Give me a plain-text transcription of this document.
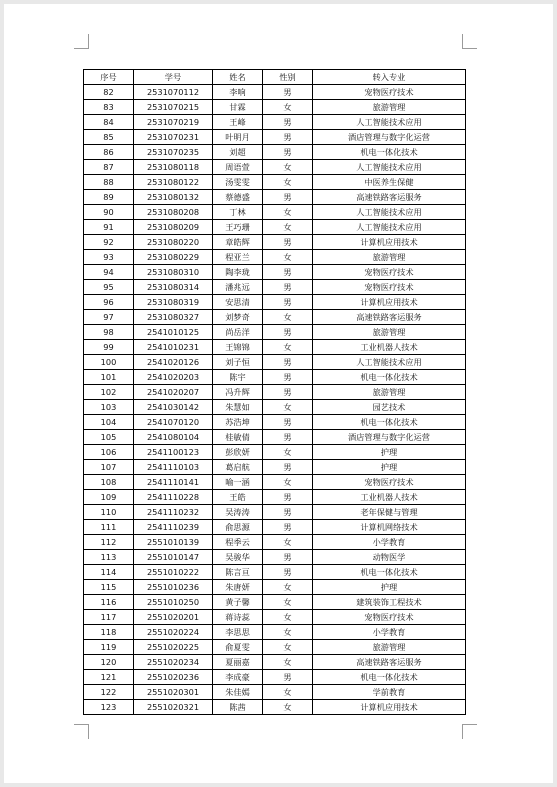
序号	学号	姓名	性别	转入专业
82	2531070112	李响	男	宠物医疗技术
83	2531070215	甘霖	女	旅游管理
84	2531070219	王峰	男	人工智能技术应用
85	2531070231	叶明月	男	酒店管理与数字化运营
86	2531070235	刘超	男	机电一体化技术
87	2531080118	周语萱	女	人工智能技术应用
88	2531080122	汤雯雯	女	中医养生保健
89	2531080132	蔡德盛	男	高速铁路客运服务
90	2531080208	丁林	女	人工智能技术应用
91	2531080209	王巧珊	女	人工智能技术应用
92	2531080220	章皓辉	男	计算机应用技术
93	2531080229	程亚兰	女	旅游管理
94	2531080310	陶李珑	男	宠物医疗技术
95	2531080314	潘兆远	男	宠物医疗技术
96	2531080319	安思清	男	计算机应用技术
97	2531080327	刘梦奇	女	高速铁路客运服务
98	2541010125	尚岳洋	男	旅游管理
99	2541010231	王锦锦	女	工业机器人技术
100	2541020126	刘子恒	男	人工智能技术应用
101	2541020203	陈宇	男	机电一体化技术
102	2541020207	冯升辉	男	旅游管理
103	2541030142	朱慧如	女	园艺技术
104	2541070120	苏浩坤	男	机电一体化技术
105	2541080104	桂敏倩	男	酒店管理与数字化运营
106	2541100123	彭欣妍	女	护理
107	2541110103	葛启航	男	护理
108	2541110141	喻一涵	女	宠物医疗技术
109	2541110228	王皓	男	工业机器人技术
110	2541110232	吴涛涛	男	老年保健与管理
111	2541110239	俞思源	男	计算机网络技术
112	2551010139	程季云	女	小学教育
113	2551010147	吴骏华	男	动物医学
114	2551010222	陈言亘	男	机电一体化技术
115	2551010236	朱唐妍	女	护理
116	2551010250	黄子馨	女	建筑装饰工程技术
117	2551020201	蒋诗蕊	女	宠物医疗技术
118	2551020224	李思思	女	小学教育
119	2551020225	俞夏雯	女	旅游管理
120	2551020234	夏丽嘉	女	高速铁路客运服务
121	2551020236	李成豪	男	机电一体化技术
122	2551020301	朱佳嫣	女	学前教育
123	2551020321	陈茜	女	计算机应用技术
